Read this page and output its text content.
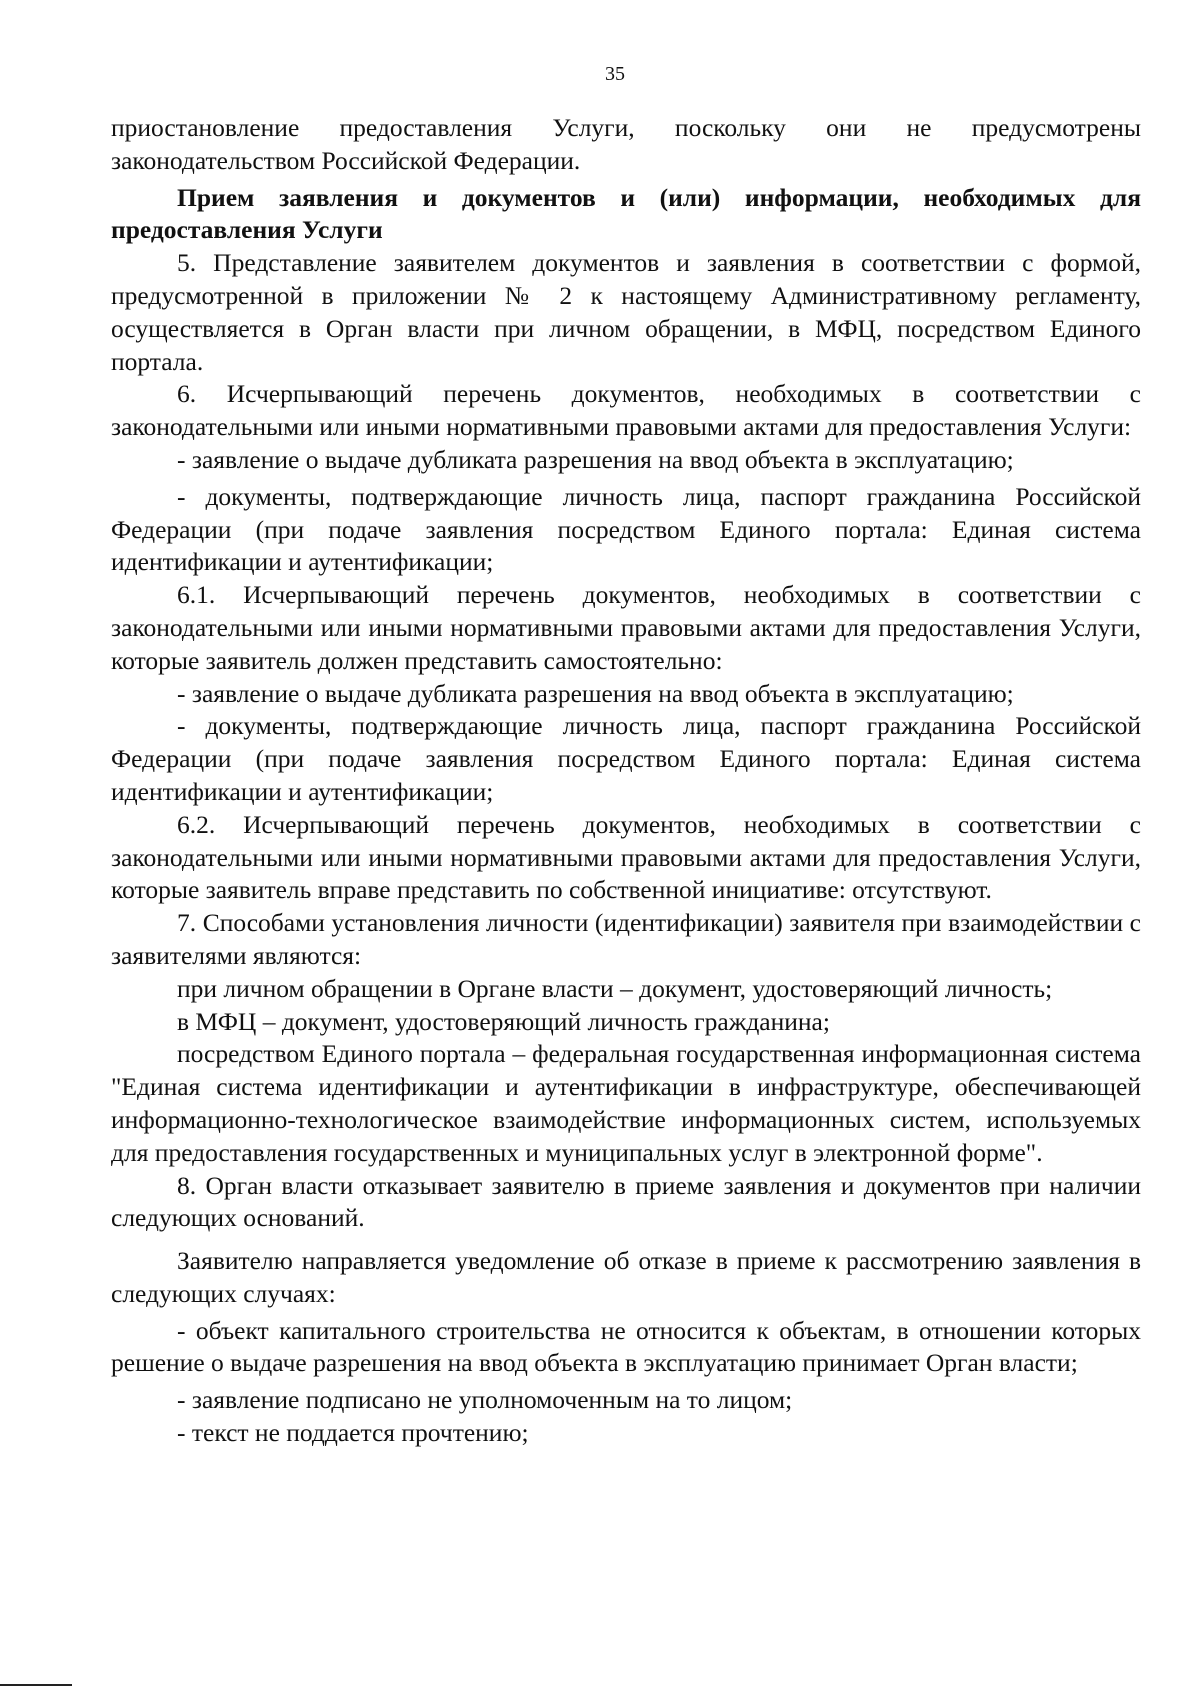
35

приостановление предоставления Услуги, поскольку они не предусмотрены законодательством Российской Федерации.

Прием заявления и документов и (или) информации, необходимых для предоставления Услуги

5. Представление заявителем документов и заявления в соответствии с формой, предусмотренной в приложении № 2 к настоящему Административному регламенту, осуществляется в Орган власти при личном обращении, в МФЦ, посредством Единого портала.

6. Исчерпывающий перечень документов, необходимых в соответствии с законодательными или иными нормативными правовыми актами для предоставления Услуги:

- заявление о выдаче дубликата разрешения на ввод объекта в эксплуатацию;

- документы, подтверждающие личность лица, паспорт гражданина Российской Федерации (при подаче заявления посредством Единого портала: Единая система идентификации и аутентификации;

6.1. Исчерпывающий перечень документов, необходимых в соответствии с законодательными или иными нормативными правовыми актами для предоставления Услуги, которые заявитель должен представить самостоятельно:

- заявление о выдаче дубликата разрешения на ввод объекта в эксплуатацию;

- документы, подтверждающие личность лица, паспорт гражданина Российской Федерации (при подаче заявления посредством Единого портала: Единая система идентификации и аутентификации;

6.2. Исчерпывающий перечень документов, необходимых в соответствии с законодательными или иными нормативными правовыми актами для предоставления Услуги, которые заявитель вправе представить по собственной инициативе: отсутствуют.

7. Способами установления личности (идентификации) заявителя при взаимодействии с заявителями являются:

при личном обращении в Органе власти – документ, удостоверяющий личность;

в МФЦ – документ, удостоверяющий личность гражданина;

посредством Единого портала – федеральная государственная информационная система "Единая система идентификации и аутентификации в инфраструктуре, обеспечивающей информационно-технологическое взаимодействие информационных систем, используемых для предоставления государственных и муниципальных услуг в электронной форме".

8. Орган власти отказывает заявителю в приеме заявления и документов при наличии следующих оснований.

Заявителю направляется уведомление об отказе в приеме к рассмотрению заявления в следующих случаях:

- объект капитального строительства не относится к объектам, в отношении которых решение о выдаче разрешения на ввод объекта в эксплуатацию принимает Орган власти;

- заявление подписано не уполномоченным на то лицом;

- текст не поддается прочтению;
